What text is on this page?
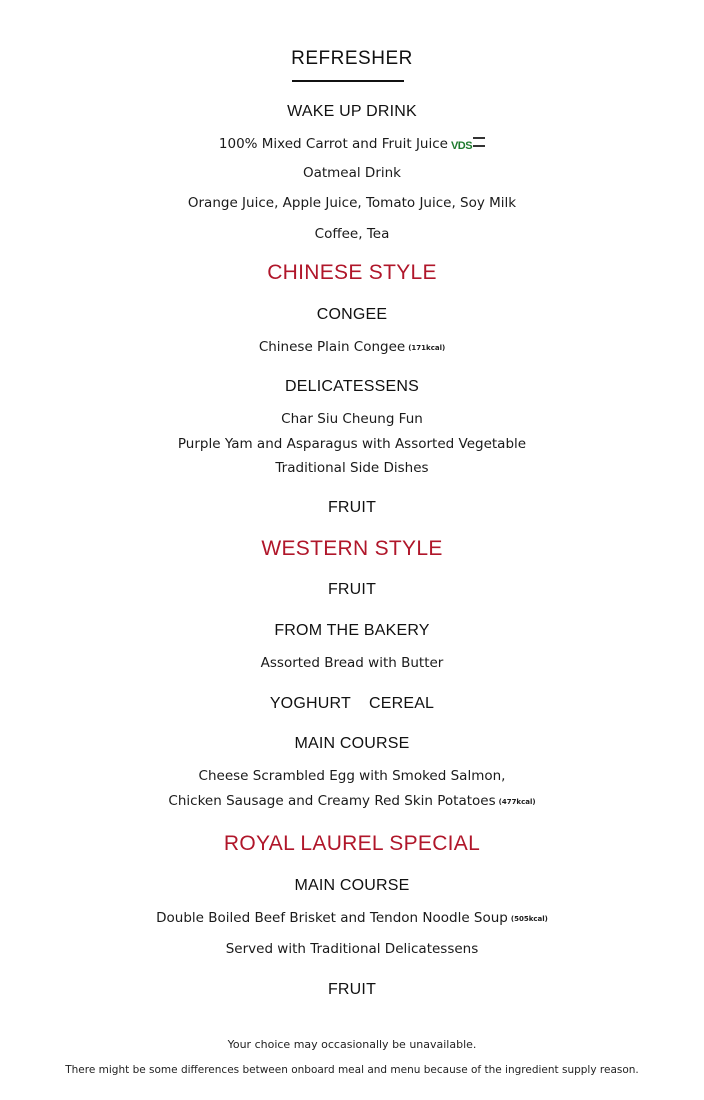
REFRESHER
WAKE UP DRINK
100% Mixed Carrot and Fruit Juice VDS
Oatmeal Drink
Orange Juice, Apple Juice, Tomato Juice, Soy Milk
Coffee, Tea
CHINESE STYLE
CONGEE
Chinese Plain Congee (171kcal)
DELICATESSENS
Char Siu Cheung Fun
Purple Yam and Asparagus with Assorted Vegetable
Traditional Side Dishes
FRUIT
WESTERN STYLE
FRUIT
FROM THE BAKERY
Assorted Bread with Butter
YOGHURT CEREAL
MAIN COURSE
Cheese Scrambled Egg with Smoked Salmon,
Chicken Sausage and Creamy Red Skin Potatoes (477kcal)
ROYAL LAUREL SPECIAL
MAIN COURSE
Double Boiled Beef Brisket and Tendon Noodle Soup (505kcal)
Served with Traditional Delicatessens
FRUIT
Your choice may occasionally be unavailable.
There might be some differences between onboard meal and menu because of the ingredient supply reason.
